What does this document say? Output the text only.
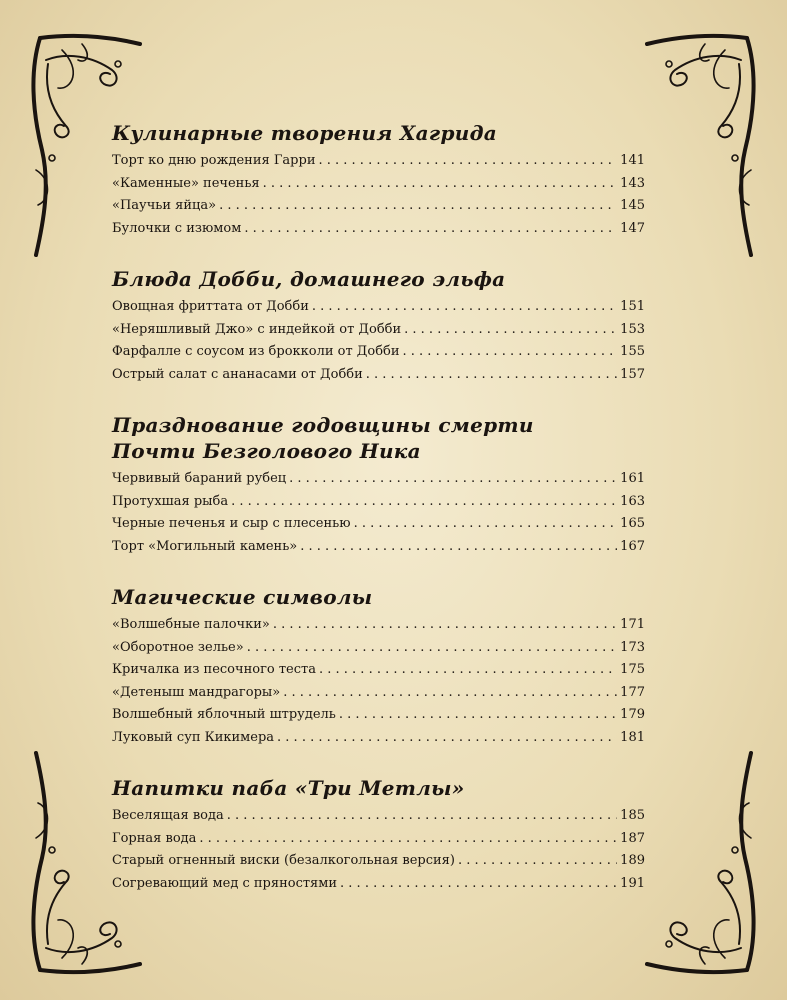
Кулинарные творения Хагрида
Торт ко дню рождения Гарри . . .	141
«Каменные» печенья . . .	143
«Паучьи яйца» . . .	145
Булочки с изюмом . . .	147
Блюда Добби, домашнего эльфа
Овощная фриттата от Добби . . .	151
«Неряшливый Джо» с индейкой от Добби . . .	153
Фарфалле с соусом из брокколи от Добби . . .	155
Острый салат с ананасами от Добби . . .	157
Празднование годовщины смерти
Почти Безголового Ника
Червивый бараний рубец . . .	161
Протухшая рыба . . .	163
Черные печенья и сыр с плесенью . . .	165
Торт «Могильный камень» . . .	167
Магические символы
«Волшебные палочки» . . .	171
«Оборотное зелье» . . .	173
Кричалка из песочного теста . . .	175
«Детеныш мандрагоры» . . .	177
Волшебный яблочный штрудель . . .	179
Луковый суп Кикимера . . .	181
Напитки паба «Три Метлы»
Веселящая вода . . .	185
Горная вода . . .	187
Старый огненный виски (безалкогольная версия) . . .	189
Согревающий мед с пряностями . . .	191
